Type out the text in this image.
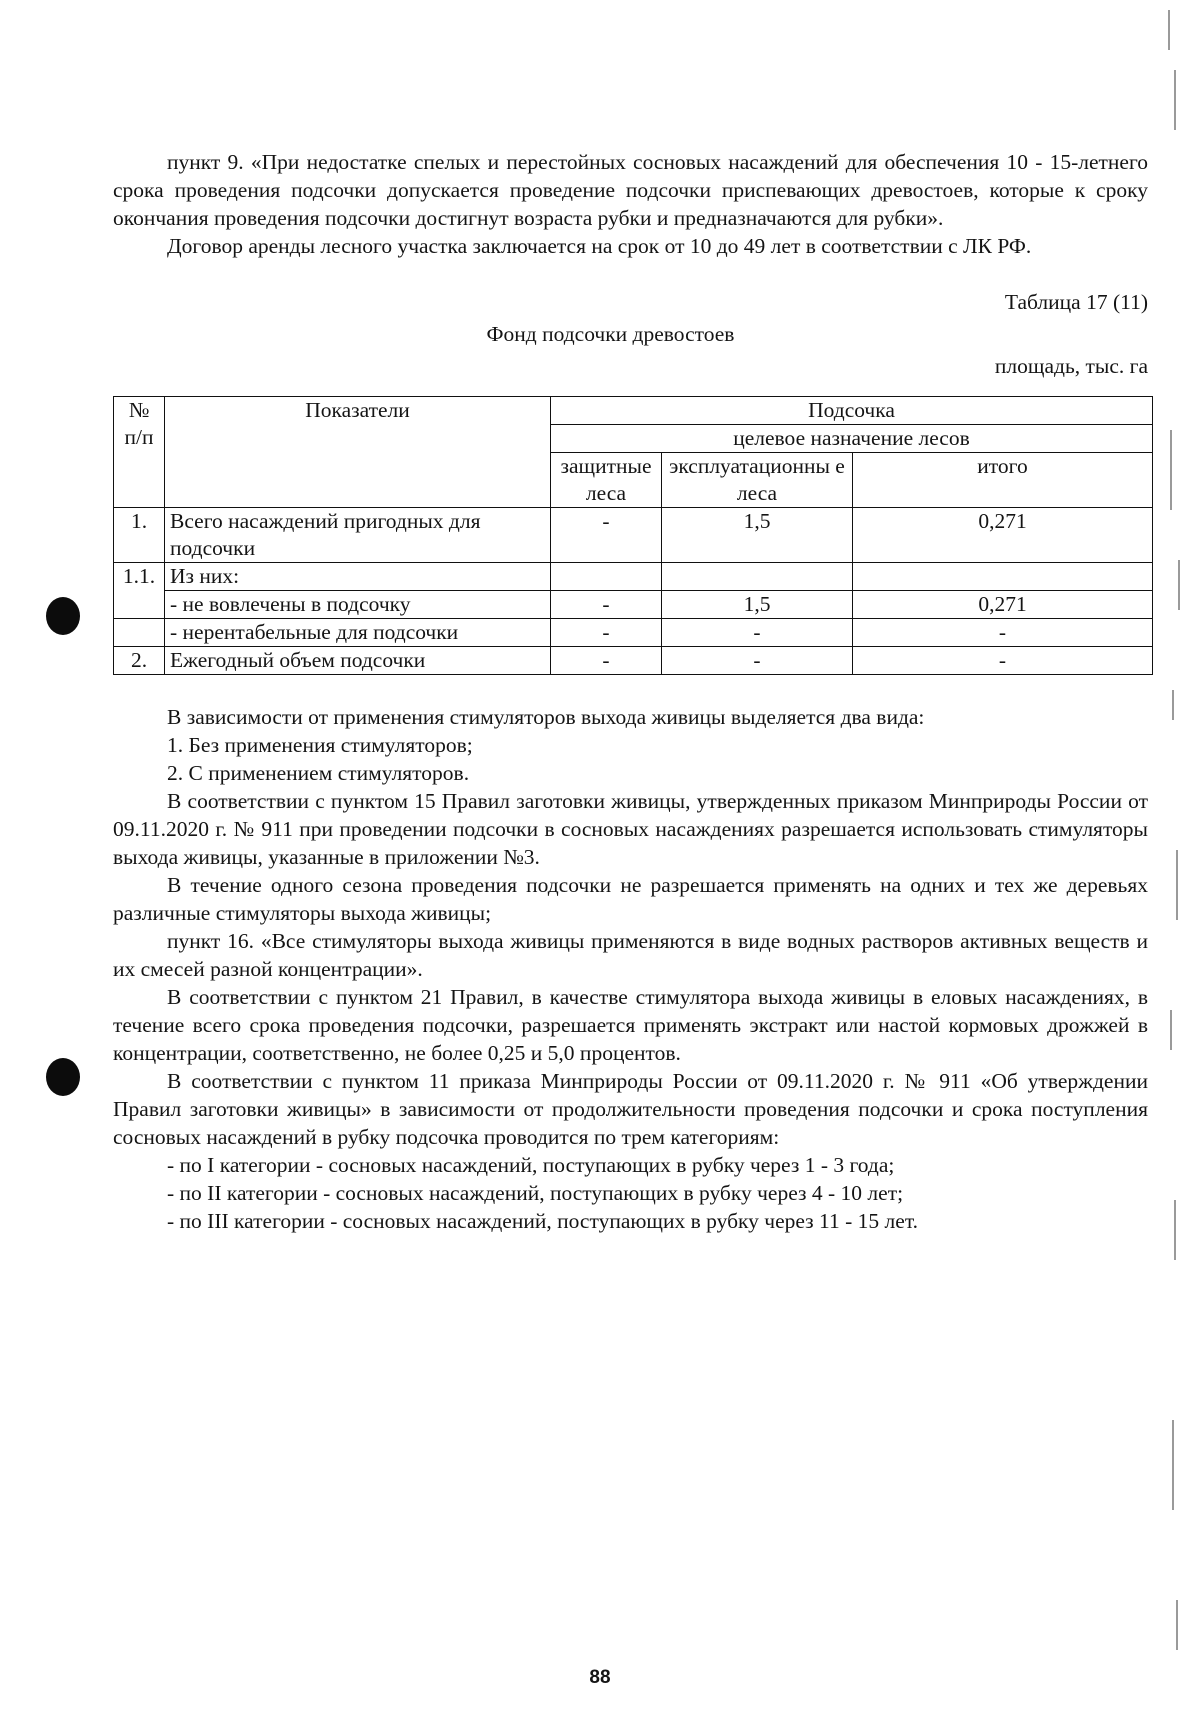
пункт 9. «При недостатке спелых и перестойных сосновых насаждений для обеспечения 10 - 15-летнего срока проведения подсочки допускается проведение подсочки приспевающих древостоев, которые к сроку окончания проведения подсочки достигнут возраста рубки и предназначаются для рубки».

Договор аренды лесного участка заключается на срок от 10 до 49 лет в соответствии с ЛК РФ.

Таблица 17 (11)
Фонд подсочки древостоев
площадь, тыс. га
№ п/п	Показатели	Подсочка		
		целевое назначение лесов		
		защитные леса	эксплуатационны е леса	итого
1.	Всего насаждений пригодных для подсочки	-	1,5	0,271
1.1.	Из них:			
	- не вовлечены в подсочку	-	1,5	0,271
	- нерентабельные для подсочки	-	-	-
2.	Ежегодный объем подсочки	-	-	-

В зависимости от применения стимуляторов выхода живицы выделяется два вида:

1. Без применения стимуляторов;

2. С применением стимуляторов.

В соответствии с пунктом 15 Правил заготовки живицы, утвержденных приказом Минприроды России от 09.11.2020 г. № 911 при проведении подсочки в сосновых насаждениях разрешается использовать стимуляторы выхода живицы, указанные в приложении №3.

В течение одного сезона проведения подсочки не разрешается применять на одних и тех же деревьях различные стимуляторы выхода живицы;

пункт 16. «Все стимуляторы выхода живицы применяются в виде водных растворов активных веществ и их смесей разной концентрации».

В соответствии с пунктом 21 Правил, в качестве стимулятора выхода живицы в еловых насаждениях, в течение всего срока проведения подсочки, разрешается применять экстракт или настой кормовых дрожжей в концентрации, соответственно, не более 0,25 и 5,0 процентов.

В соответствии с пунктом 11 приказа Минприроды России от 09.11.2020 г. № 911 «Об утверждении Правил заготовки живицы» в зависимости от продолжительности проведения подсочки и срока поступления сосновых насаждений в рубку подсочка проводится по трем категориям:

- по I категории - сосновых насаждений, поступающих в рубку через 1 - 3 года;

- по II категории - сосновых насаждений, поступающих в рубку через 4 - 10 лет;

- по III категории - сосновых насаждений, поступающих в рубку через 11 - 15 лет.

88
